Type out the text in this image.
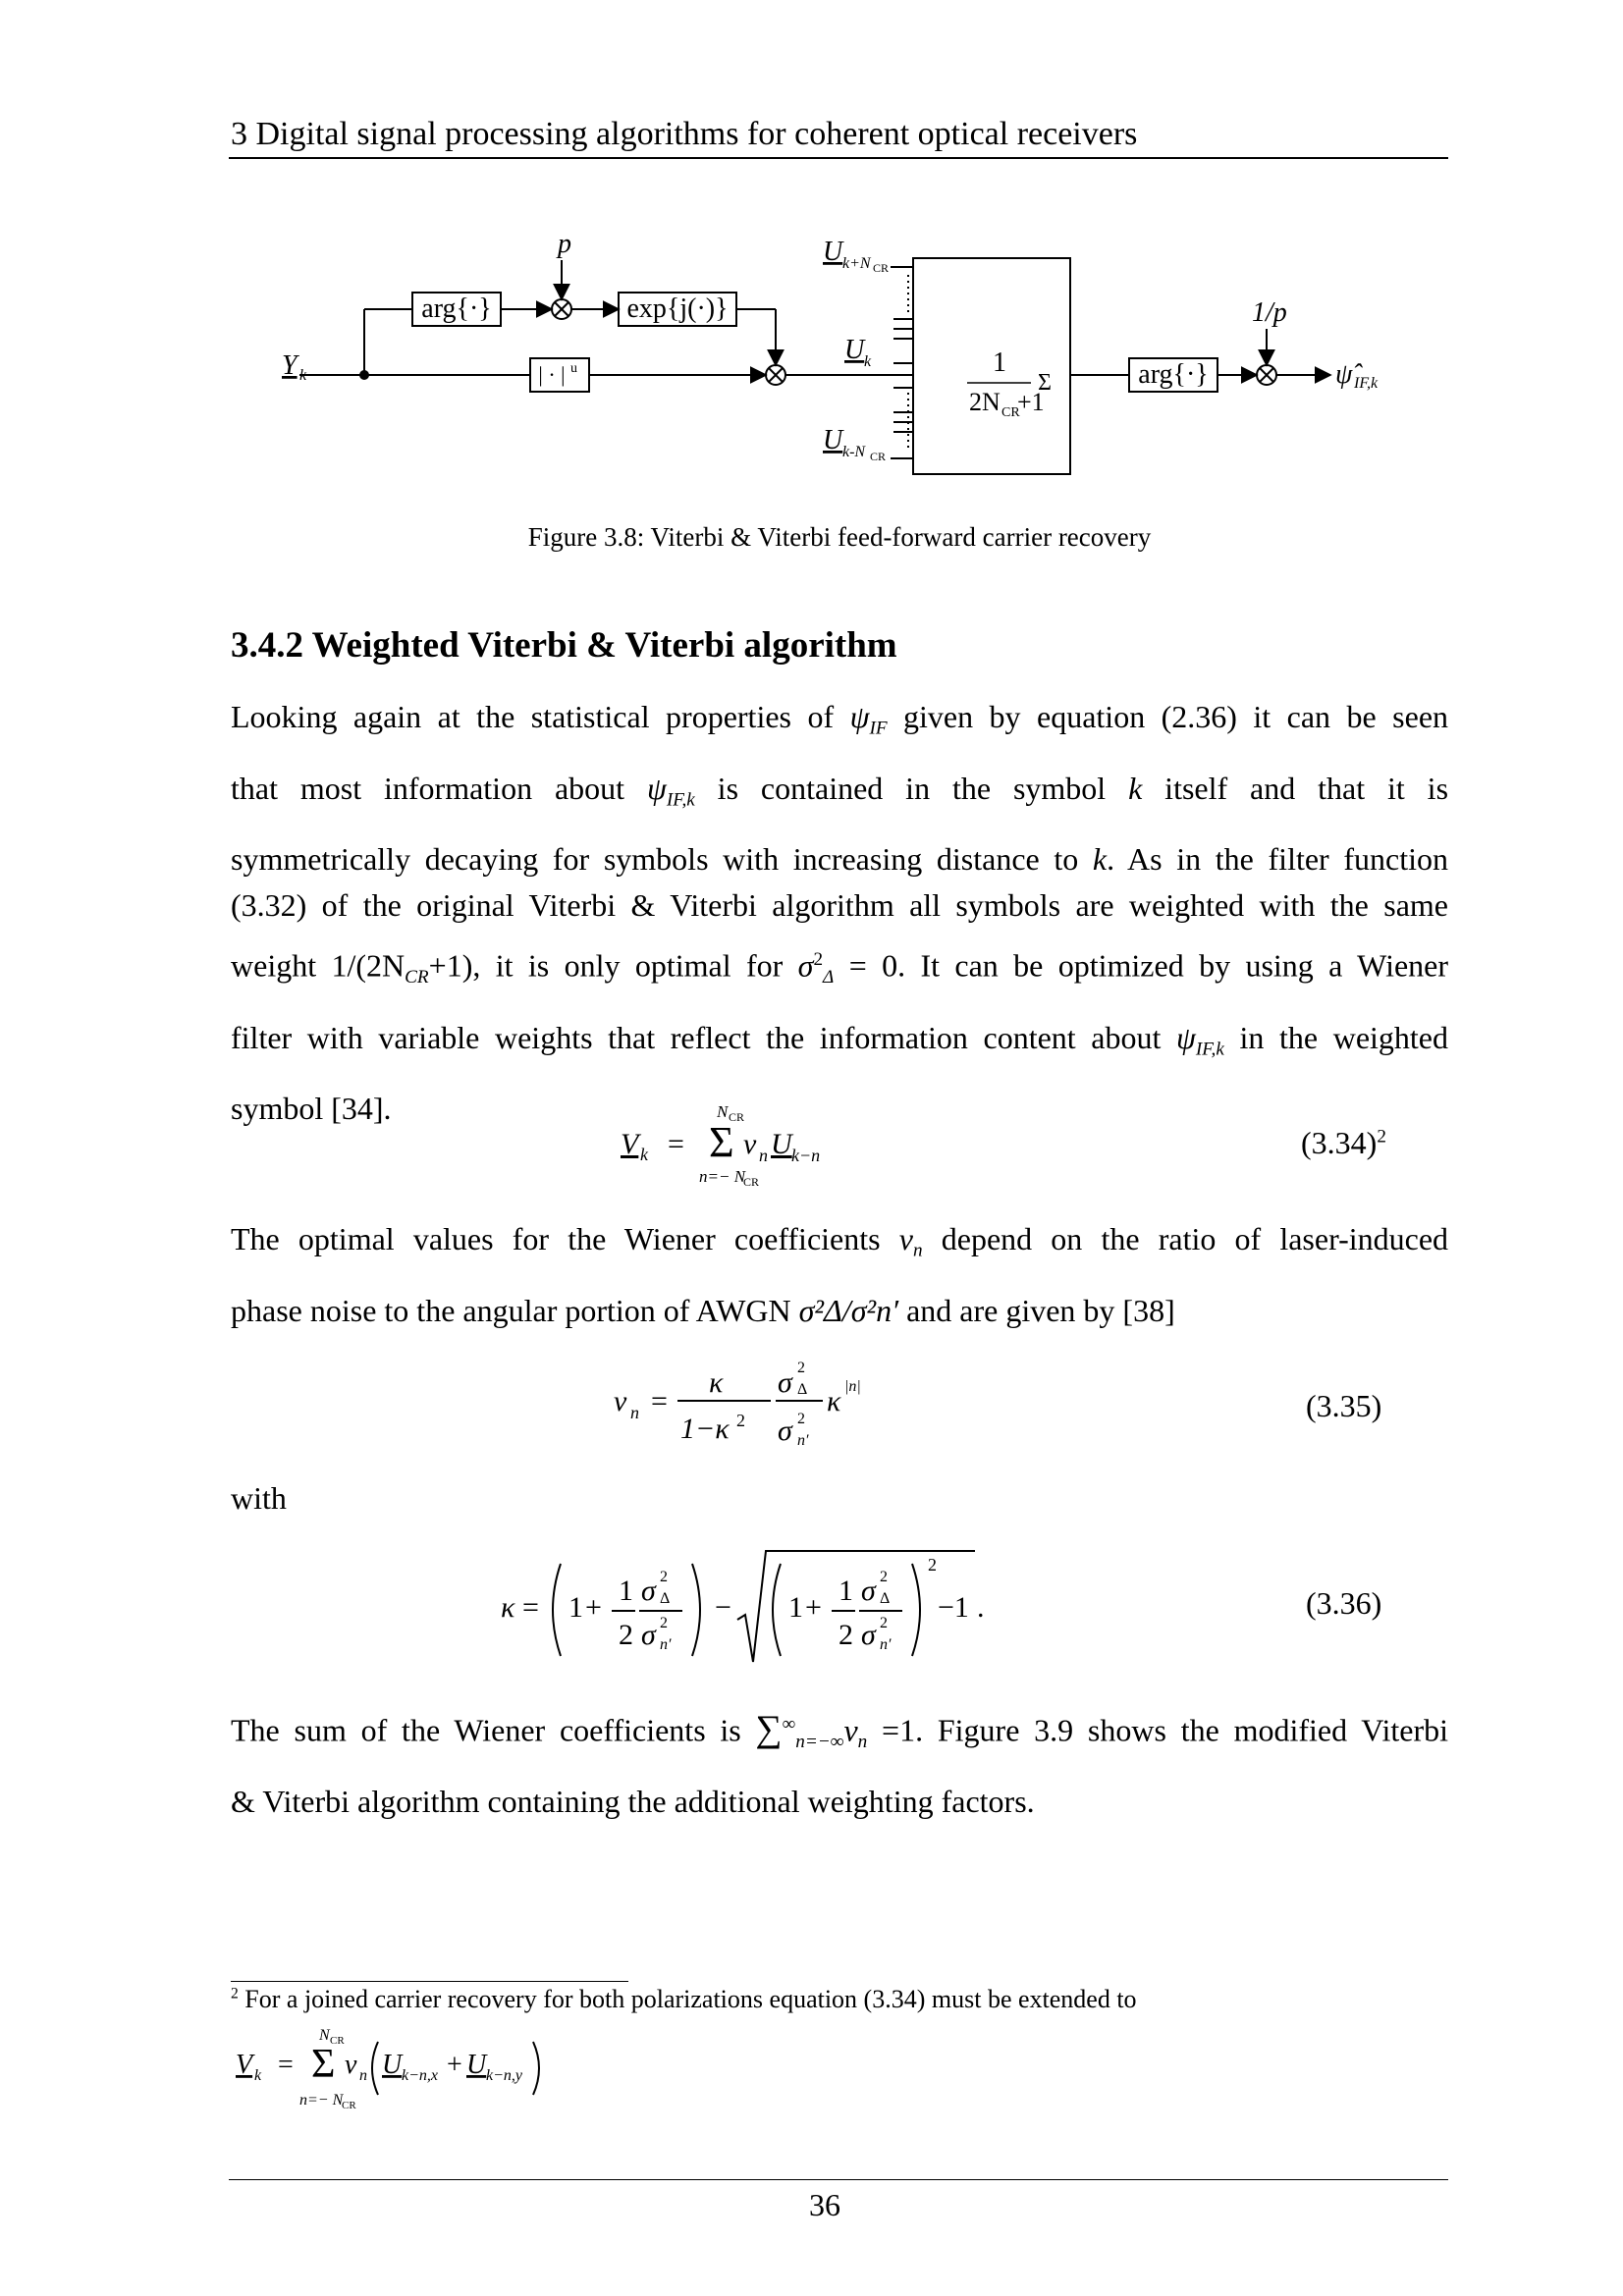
3 Digital signal processing algorithms for coherent optical receivers
Y k
arg{·}
| · | u
p
exp{j(·)}
U k+N CR
U k
U k-N CR
1
2N CR
+1
Σ	arg{·}
1/p
ψ̂ IF,k
Figure 3.8: Viterbi & Viterbi feed-forward carrier recovery
3.4.2 Weighted Viterbi & Viterbi algorithm
Looking again at the statistical properties of $\psi_{IF}$ given by equation (2.36) it can be seen
that most information about $\psi_{IF,k}$ is contained in the symbol k itself and that it is
symmetrically decaying for symbols with increasing distance to k. As in the filter function
(3.32) of the original Viterbi & Viterbi algorithm all symbols are weighted with the same
weight $1/(2N_{CR}+1)$, it is only optimal for $\sigma^2_\Delta = 0$. It can be optimized by using a Wiener
filter with variable weights that reflect the information content about $\psi_{IF,k}$ in the weighted
symbol [34].
V k =
N CR
Σ
n=− N
CR
ν n U k−n	$(3.34)^2$
The optimal values for the Wiener coefficients $\nu_n$ depend on the ratio of laser-induced
phase noise to the angular portion of AWGN σ²Δ/σ²n′ and are given by [38]
ν n =
κ
1−κ 2
σ 2
Δ
σ 2
n′
κ |n|
(3.35)
with
κ = 1 +
1
2
σ 2
Δ
σ 2
n′
− 1 +
1
2
σ 2
Δ
σ 2
n′
2
−1 .	(3.36)
The sum of the Wiener coefficients is $\sum^\infty_{n=-\infty}\nu_n =1$. Figure 3.9 shows the modified Viterbi
& Viterbi algorithm containing the additional weighting factors.
$^2$ For a joined carrier recovery for both polarizations equation (3.34) must be extended to
V k =
N CR
Σ
n=− N
CR
ν n U k−n,x + U k−n,y
36
